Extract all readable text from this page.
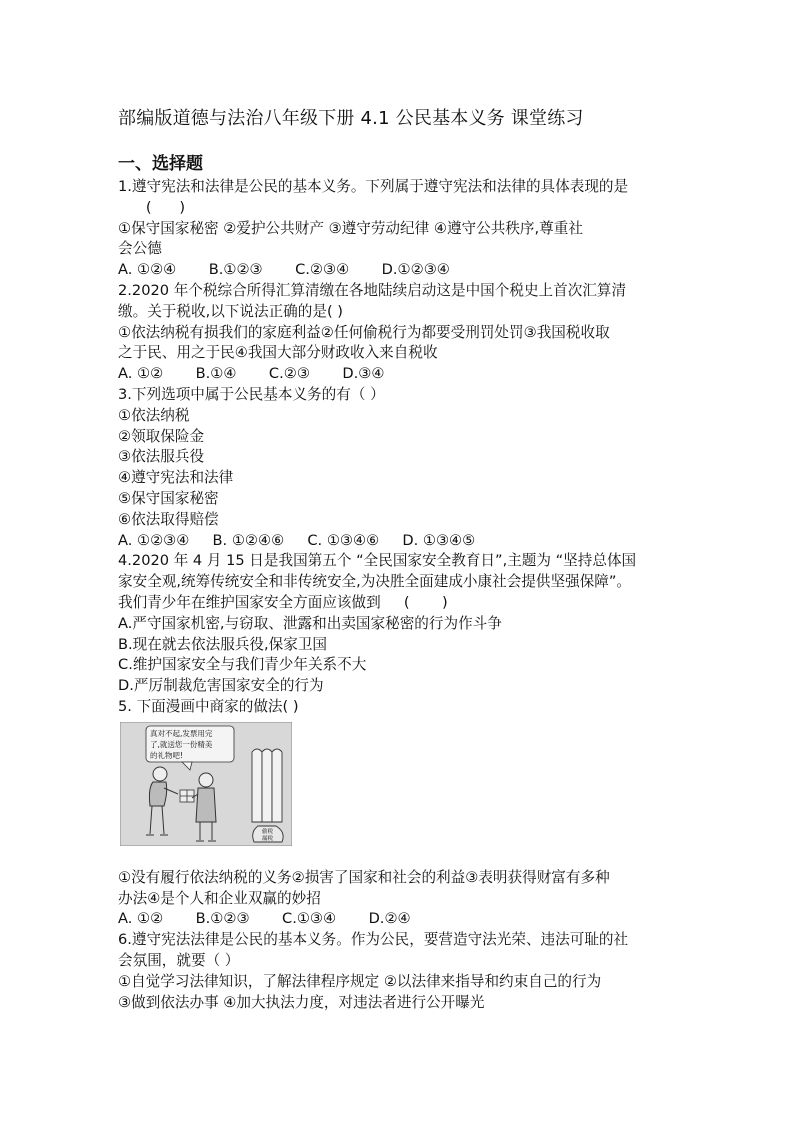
部编版道德与法治八年级下册 4.1 公民基本义务 课堂练习
一、选择题
1.遵守宪法和法律是公民的基本义务。下列属于遵守宪法和法律的具体表现的是
(      )
①保守国家秘密 ②爱护公共财产 ③遵守劳动纪律 ④遵守公共秩序,尊重社
会公德
A. ①②④       B.①②③       C.②③④       D.①②③④
2.2020 年个税综合所得汇算清缴在各地陆续启动这是中国个税史上首次汇算清
缴。关于税收,以下说法正确的是( )
①依法纳税有损我们的家庭利益②任何偷税行为都要受刑罚处罚③我国税收取
之于民、用之于民④我国大部分财政收入来自税收
A. ①②       B.①④       C.②③       D.③④
3.下列选项中属于公民基本义务的有（ ）
①依法纳税
②领取保险金
③依法服兵役
④遵守宪法和法律
⑤保守国家秘密
⑥依法取得赔偿
A. ①②③④     B. ①②④⑥     C. ①③④⑥     D. ①③④⑤
4.2020 年 4 月 15 日是我国第五个 “全民国家安全教育日”,主题为 “坚持总体国
家安全观,统筹传统安全和非传统安全,为决胜全面建成小康社会提供坚强保障”。
我们青少年在维护国家安全方面应该做到     (       )
A.严守国家机密,与窃取、泄露和出卖国家秘密的行为作斗争
B.现在就去依法服兵役,保家卫国
C.维护国家安全与我们青少年关系不大
D.严厉制裁危害国家安全的行为
5. 下面漫画中商家的做法( )
真对不起,发票用完
了,就送您一份精美
的礼物吧!
偷税
漏税
①没有履行依法纳税的义务②损害了国家和社会的利益③表明获得财富有多种
办法④是个人和企业双赢的妙招
A. ①②       B.①②③       C.①③④       D.②④
6.遵守宪法法律是公民的基本义务。作为公民，要营造守法光荣、违法可耻的社
会氛围，就要（ ）
①自觉学习法律知识，了解法律程序规定 ②以法律来指导和约束自己的行为
③做到依法办事 ④加大执法力度，对违法者进行公开曝光
